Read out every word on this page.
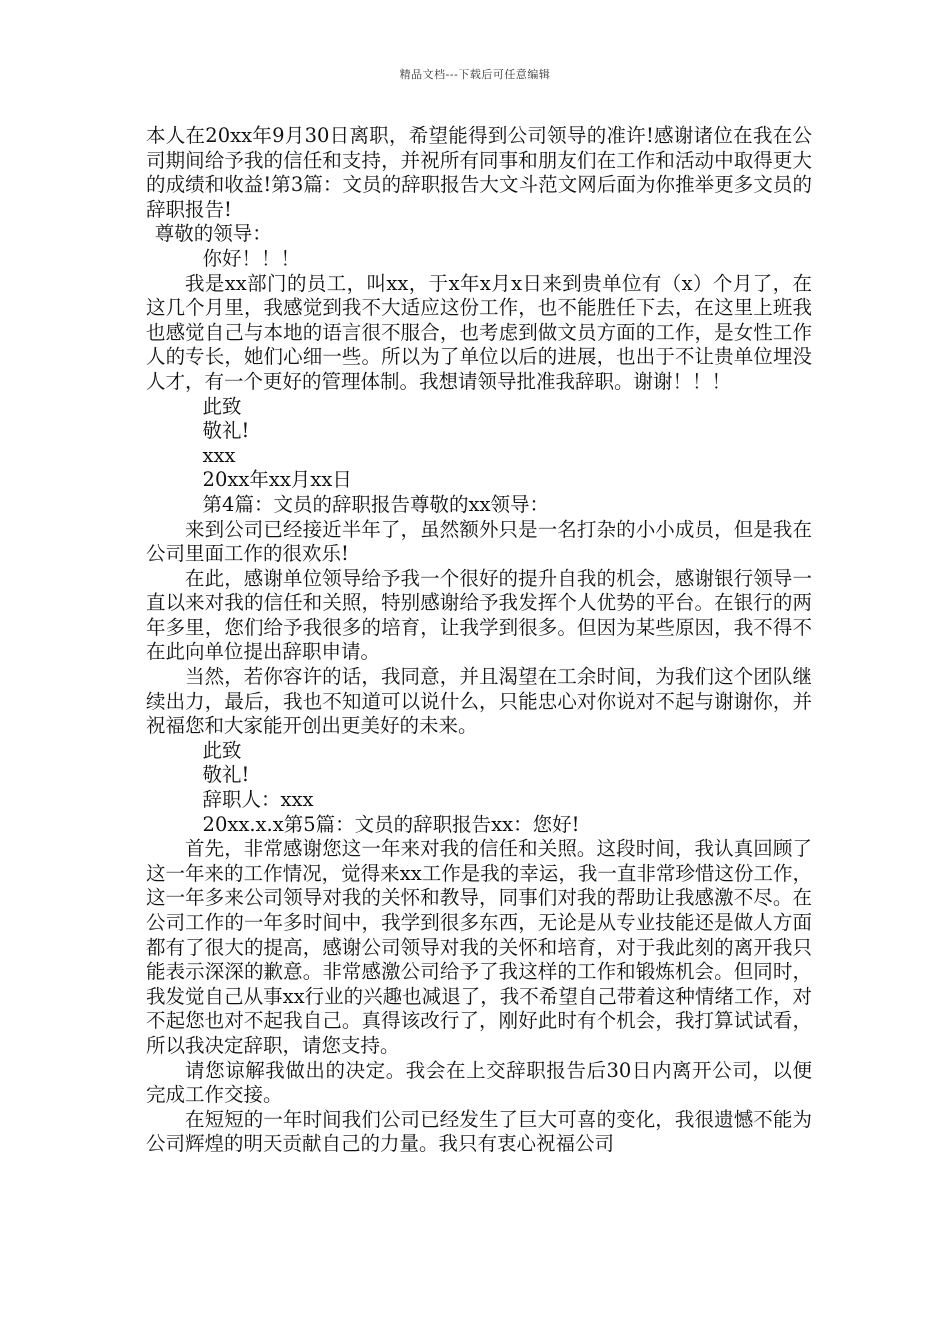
精品文档---下载后可任意编辑

本人在20xx年9月30日离职，希望能得到公司领导的准许!感谢诸位在我在公司期间给予我的信任和支持，并祝所有同事和朋友们在工作和活动中取得更大的成绩和收益!第3篇：文员的辞职报告大文斗范文网后面为你推举更多文员的辞职报告!

尊敬的领导：

你好！！！

我是xx部门的员工，叫xx，于x年x月x日来到贵单位有（x）个月了，在这几个月里，我感觉到我不大适应这份工作，也不能胜任下去，在这里上班我也感觉自己与本地的语言很不服合，也考虑到做文员方面的工作，是女性工作人的专长，她们心细一些。所以为了单位以后的进展，也出于不让贵单位埋没人才，有一个更好的管理体制。我想请领导批准我辞职。谢谢！！！

此致

敬礼!

xxx

20xx年xx月xx日

第4篇：文员的辞职报告尊敬的xx领导：

来到公司已经接近半年了，虽然额外只是一名打杂的小小成员，但是我在公司里面工作的很欢乐!

在此，感谢单位领导给予我一个很好的提升自我的机会，感谢银行领导一直以来对我的信任和关照，特别感谢给予我发挥个人优势的平台。在银行的两年多里，您们给予我很多的培育，让我学到很多。但因为某些原因，我不得不在此向单位提出辞职申请。

当然，若你容许的话，我同意，并且渴望在工余时间，为我们这个团队继续出力，最后，我也不知道可以说什么，只能忠心对你说对不起与谢谢你，并祝福您和大家能开创出更美好的未来。

此致

敬礼!

辞职人：xxx

20xx.x.x第5篇：文员的辞职报告xx：您好!

首先，非常感谢您这一年来对我的信任和关照。这段时间，我认真回顾了这一年来的工作情况，觉得来xx工作是我的幸运，我一直非常珍惜这份工作，这一年多来公司领导对我的关怀和教导，同事们对我的帮助让我感激不尽。在公司工作的一年多时间中，我学到很多东西，无论是从专业技能还是做人方面都有了很大的提高，感谢公司领导对我的关怀和培育，对于我此刻的离开我只能表示深深的歉意。非常感激公司给予了我这样的工作和锻炼机会。但同时，我发觉自己从事xx行业的兴趣也减退了，我不希望自己带着这种情绪工作，对不起您也对不起我自己。真得该改行了，刚好此时有个机会，我打算试试看，所以我决定辞职，请您支持。

请您谅解我做出的决定。我会在上交辞职报告后30日内离开公司，以便完成工作交接。

在短短的一年时间我们公司已经发生了巨大可喜的变化，我很遗憾不能为公司辉煌的明天贡献自己的力量。我只有衷心祝福公司
